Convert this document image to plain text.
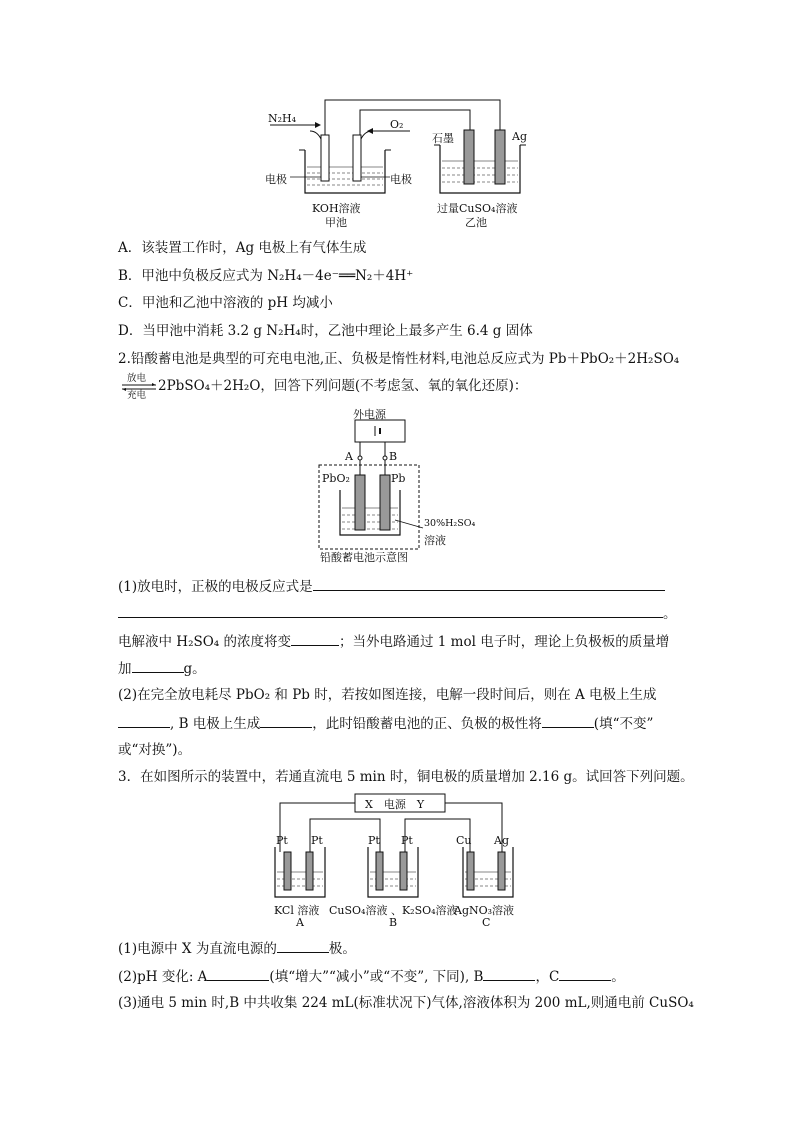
N₂H₄	O₂
石墨	Ag
电极	电极
KOH溶液
甲池
过量CuSO₄溶液
乙池
A．该装置工作时，Ag 电极上有气体生成
B．甲池中负极反应式为 N₂H₄－4e⁻══N₂＋4H⁺
C．甲池和乙池中溶液的 pH 均减小
D．当甲池中消耗 3.2 g N₂H₄时，乙池中理论上最多产生 6.4 g 固体
2.铅酸蓄电池是典型的可充电电池,正、负极是惰性材料,电池总反应式为 Pb＋PbO₂＋2H₂SO₄
放电
充电
2PbSO₄＋2H₂O，回答下列问题(不考虑氢、氧的氧化还原)：
外电源
A	B
PbO₂	Pb
30%H₂SO₄
溶液
铅酸蓄电池示意图
(1)放电时，正极的电极反应式是
。
电解液中 H₂SO₄ 的浓度将变	；当外电路通过 1 mol 电子时，理论上负极板的质量增
加	g。
(2)在完全放电耗尽 PbO₂ 和 Pb 时，若按如图连接，电解一段时间后，则在 A 电极上生成
, B 电极上生成	，此时铅酸蓄电池的正、负极的极性将	(填“不变”
或“对换”)。
3．在如图所示的装置中，若通直流电 5 min 时，铜电极的质量增加 2.16 g。试回答下列问题。
X　电源　Y
Pt Pt	Pt Pt	Cu Ag
KCl 溶液 CuSO₄溶液 、K₂SO₄溶液
AgNO₃溶液
A	B	C
(1)电源中 X 为直流电源的	极。
(2)pH 变化: A	(填“增大”“减小”或“不变”, 下同), B	，C	。
(3)通电 5 min 时,B 中共收集 224 mL(标准状况下)气体,溶液体积为 200 mL,则通电前 CuSO₄
